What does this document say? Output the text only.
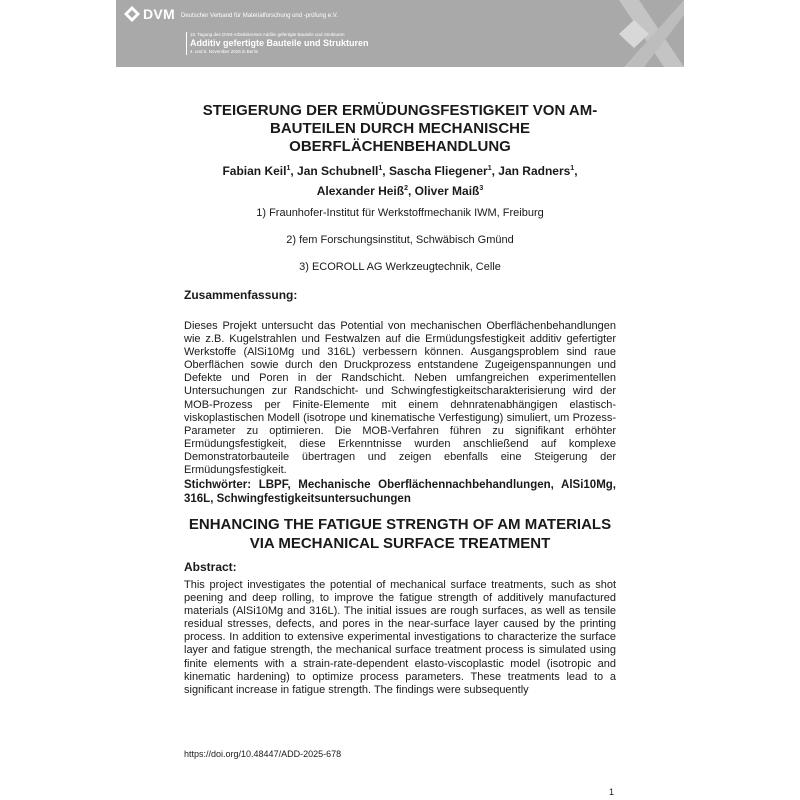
DVM Deutscher Verband für Materialforschung und -prüfung e.V.
10. Tagung des DVM-Arbeitskreises Additiv gefertigte Bauteile und Strukturen
Additiv gefertigte Bauteile und Strukturen
4. und 5. November 2025 in Berlin
STEIGERUNG DER ERMÜDUNGSFESTIGKEIT VON AM-BAUTEILEN DURCH MECHANISCHE OBERFLÄCHENBEHANDLUNG
Fabian Keil$^1$, Jan Schubnell$^1$, Sascha Fliegener$^1$, Jan Radners$^1$,
Alexander Heiß$^2$, Oliver Maiß$^3$
1) Fraunhofer-Institut für Werkstoffmechanik IWM, Freiburg
2) fem Forschungsinstitut, Schwäbisch Gmünd
3) ECOROLL AG Werkzeugtechnik, Celle
Zusammenfassung:
Dieses Projekt untersucht das Potential von mechanischen Oberflächenbehandlungen wie z.B. Kugelstrahlen und Festwalzen auf die Ermüdungsfestigkeit additiv gefertigter Werkstoffe (AlSi10Mg und 316L) verbessern können. Ausgangsproblem sind raue Oberflächen sowie durch den Druckprozess entstandene Zugeigenspannungen und Defekte und Poren in der Randschicht. Neben umfangreichen experimentellen Untersuchungen zur Randschicht- und Schwingfestigkeitscharakterisierung wird der MOB-Prozess per Finite-Elemente mit einem dehnratenabhängigen elastisch-viskoplastischen Modell (isotrope und kinematische Verfestigung) simuliert, um Prozess-Parameter zu optimieren. Die MOB-Verfahren führen zu signifikant erhöhter Ermüdungsfestigkeit, diese Erkenntnisse wurden anschließend auf komplexe Demonstratorbauteile übertragen und zeigen ebenfalls eine Steigerung der Ermüdungsfestigkeit.
Stichwörter: LBPF, Mechanische Oberflächennachbehandlungen, AlSi10Mg, 316L, Schwingfestigkeitsuntersuchungen
ENHANCING THE FATIGUE STRENGTH OF AM MATERIALS VIA MECHANICAL SURFACE TREATMENT
Abstract:
This project investigates the potential of mechanical surface treatments, such as shot peening and deep rolling, to improve the fatigue strength of additively manufactured materials (AlSi10Mg and 316L). The initial issues are rough surfaces, as well as tensile residual stresses, defects, and pores in the near-surface layer caused by the printing process. In addition to extensive experimental investigations to characterize the surface layer and fatigue strength, the mechanical surface treatment process is simulated using finite elements with a strain-rate-dependent elasto-viscoplastic model (isotropic and kinematic hardening) to optimize process parameters. These treatments lead to a significant increase in fatigue strength. The findings were subsequently
https://doi.org/10.48447/ADD-2025-678
1
